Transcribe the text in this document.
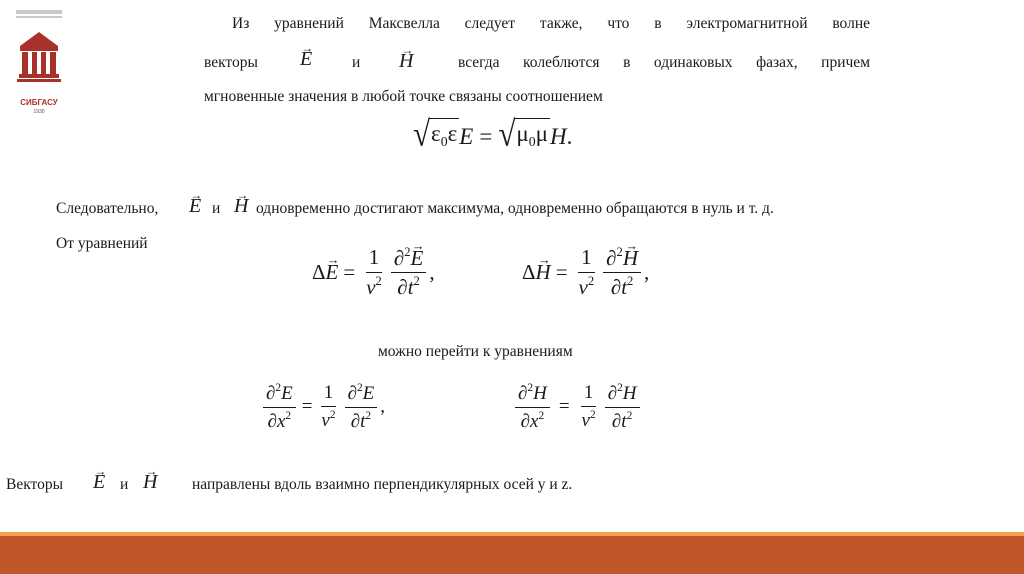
СИБГАСУ
1930
Из уравнений Максвелла следует также, что в электромагнитной волне
векторы
→ E	и
→ H	всегда колеблются в одинаковых фазах, причем
мгновенные значения в любой точке связаны соотношением
√ $\varepsilon_0\varepsilon$ E = √ $\mu_0\mu$ H .
Следовательно,
→ E и
→ H одновременно достигают максимума, одновременно обращаются в нуль и т. д.
От уравнений
Δ
→ $E = \frac{1}{v^2} \frac{\partial^2\to E}{\partial t^2}$ ,	Δ
→ $H = \frac{1}{v^2} \frac{\partial^2\to H}{\partial t^2}$ ,
можно перейти к уравнениям
$\frac{\partial^2E}{\partial x^2} = \frac{1}{v^2} \frac{\partial^2E}{\partial t^2}$ ,	$\frac{\partial^2H}{\partial x^2} = \frac{1}{v^2} \frac{\partial^2H}{\partial t^2}$
Векторы
→ E и
→ H направлены вдоль взаимно перпендикулярных осей y и z.
